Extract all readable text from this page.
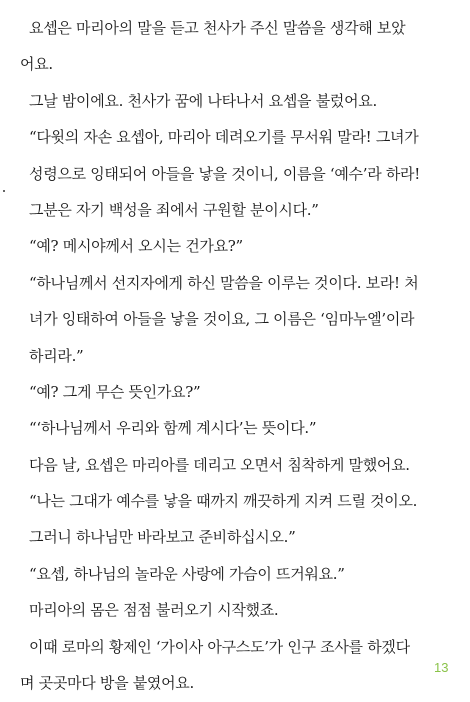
요셉은 마리아의 말을 듣고 천사가 주신 말씀을 생각해 보았
어요.
그날 밤이에요. 천사가 꿈에 나타나서 요셉을 불렀어요.
“다윗의 자손 요셉아, 마리아 데려오기를 무서워 말라! 그녀가
성령으로 잉태되어 아들을 낳을 것이니, 이름을 ‘예수’라 하라!
그분은 자기 백성을 죄에서 구원할 분이시다.”
“예? 메시야께서 오시는 건가요?”
“하나님께서 선지자에게 하신 말씀을 이루는 것이다. 보라! 처
녀가 잉태하여 아들을 낳을 것이요, 그 이름은 ‘임마누엘’이라
하리라.”
“예? 그게 무슨 뜻인가요?”
“‘하나님께서 우리와 함께 계시다’는 뜻이다.”
다음 날, 요셉은 마리아를 데리고 오면서 침착하게 말했어요.
“나는 그대가 예수를 낳을 때까지 깨끗하게 지켜 드릴 것이오.
그러니 하나님만 바라보고 준비하십시오.”
“요셉, 하나님의 놀라운 사랑에 가슴이 뜨거워요.”
마리아의 몸은 점점 불러오기 시작했죠.
이때 로마의 황제인 ‘가이사 아구스도’가 인구 조사를 하겠다
며 곳곳마다 방을 붙였어요.
13
